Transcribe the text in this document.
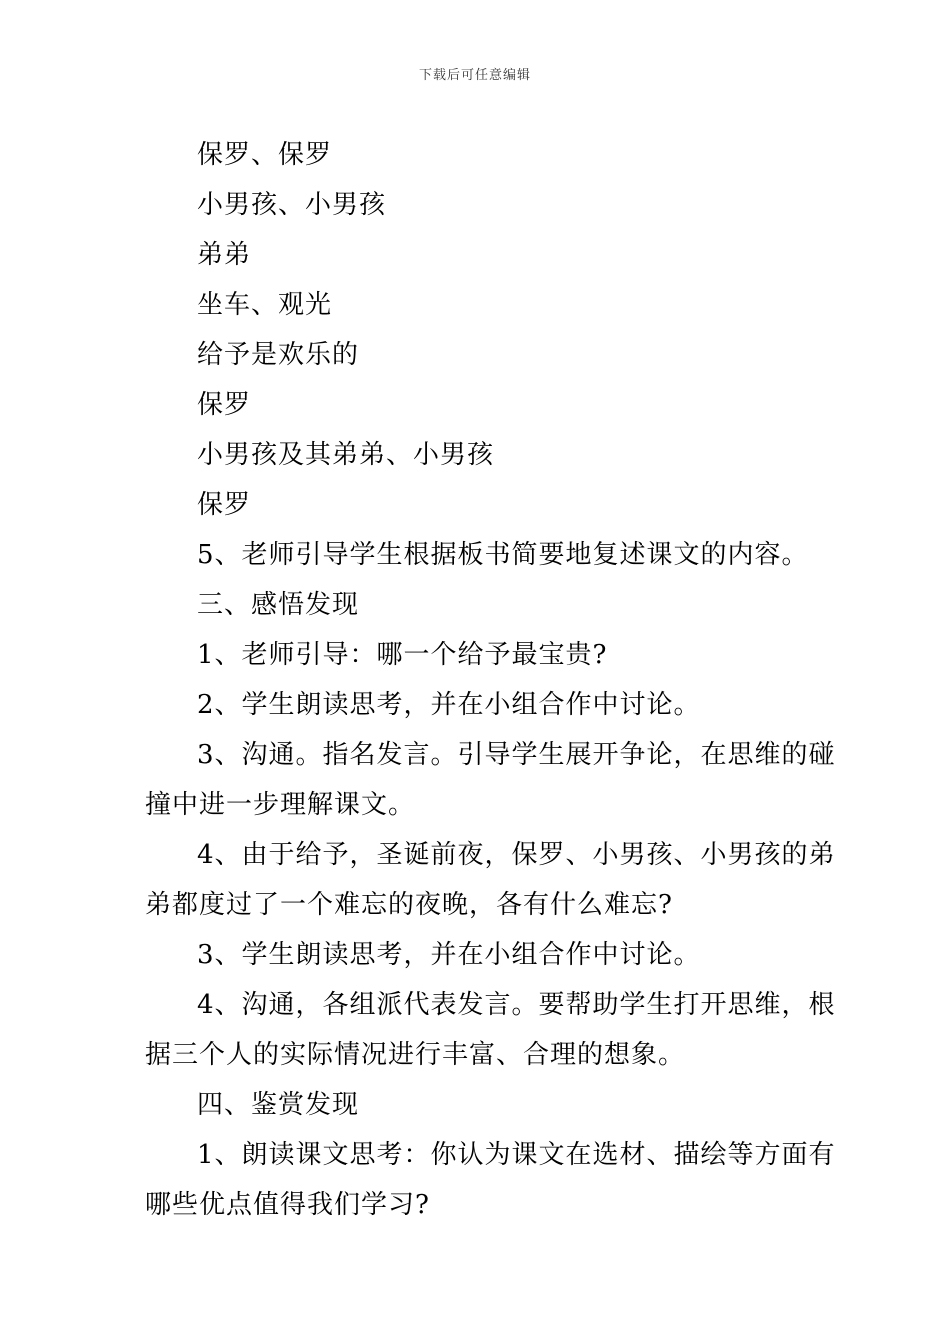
下载后可任意编辑
保罗、保罗
小男孩、小男孩
弟弟
坐车、观光
给予是欢乐的
保罗
小男孩及其弟弟、小男孩
保罗
5、老师引导学生根据板书简要地复述课文的内容。
三、感悟发现
1、老师引导：哪一个给予最宝贵?
2、学生朗读思考，并在小组合作中讨论。
3、沟通。指名发言。引导学生展开争论，在思维的碰
撞中进一步理解课文。
4、由于给予，圣诞前夜，保罗、小男孩、小男孩的弟
弟都度过了一个难忘的夜晚，各有什么难忘?
3、学生朗读思考，并在小组合作中讨论。
4、沟通，各组派代表发言。要帮助学生打开思维，根
据三个人的实际情况进行丰富、合理的想象。
四、鉴赏发现
1、朗读课文思考：你认为课文在选材、描绘等方面有
哪些优点值得我们学习?
